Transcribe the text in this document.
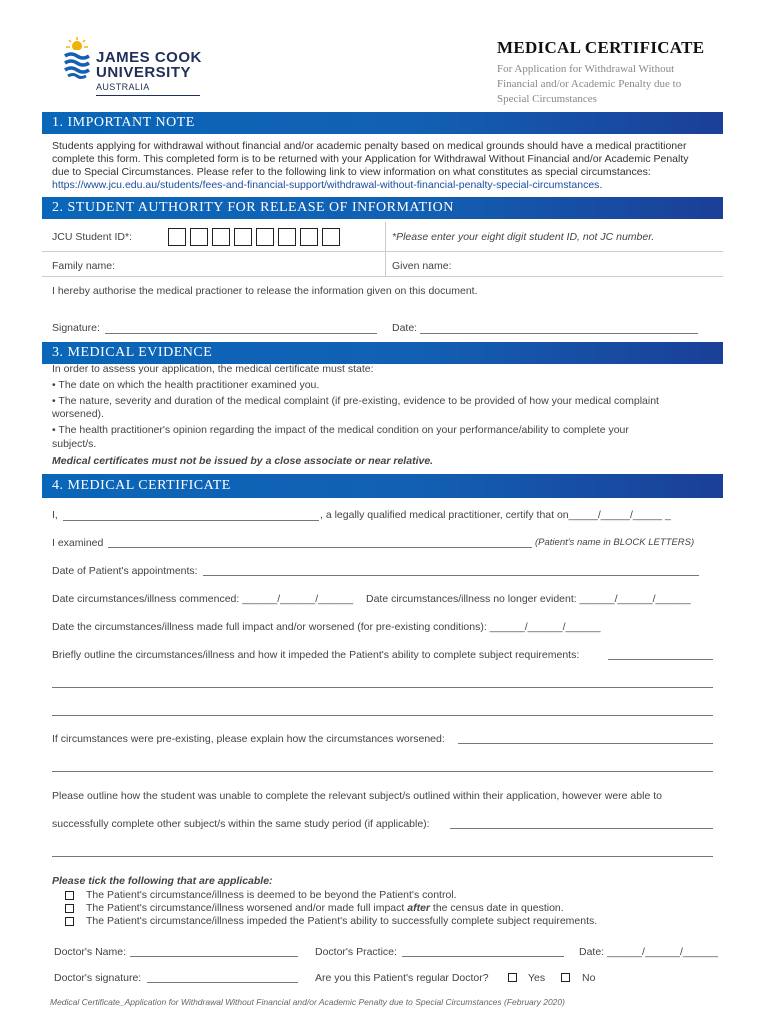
JAMES COOK
UNIVERSITY
AUSTRALIA
MEDICAL CERTIFICATE
For Application for Withdrawal Without
Financial and/or Academic Penalty due to
Special Circumstances
1. IMPORTANT NOTE
Students applying for withdrawal without financial and/or academic penalty based on medical grounds should have a medical practitioner
complete this form. This completed form is to be returned with your Application for Withdrawal Without Financial and/or Academic Penalty
due to Special Circumstances. Please refer to the following link to view information on what constitutes as special circumstances:
https://www.jcu.edu.au/students/fees-and-financial-support/withdrawal-without-financial-penalty-special-circumstances.
2. STUDENT AUTHORITY FOR RELEASE OF INFORMATION
JCU Student ID*:	*Please enter your eight digit student ID, not JC number.
Family name:	Given name:
I hereby authorise the medical practioner to release the information given on this document.
Signature:	Date:
3. MEDICAL EVIDENCE
In order to assess your application, the medical certificate must state:
• The date on which the health practitioner examined you.
• The nature, severity and duration of the medical complaint (if pre-existing, evidence to be provided of how your medical complaint
worsened).
• The health practitioner's opinion regarding the impact of the medical condition on your performance/ability to complete your
subject/s.
Medical certificates must not be issued by a close associate or near relative.
4. MEDICAL CERTIFICATE
I,	, a legally qualified medical practitioner, certify that on_____/_____/_____ _
I examined	(Patient's name in BLOCK LETTERS)
Date of Patient's appointments:
Date circumstances/illness commenced: ______/______/______ Date circumstances/illness no longer evident: ______/______/______
Date the circumstances/illness made full impact and/or worsened (for pre-existing conditions): ______/______/______
Briefly outline the circumstances/illness and how it impeded the Patient's ability to complete subject requirements:
If circumstances were pre-existing, please explain how the circumstances worsened:
Please outline how the student was unable to complete the relevant subject/s outlined within their application, however were able to
successfully complete other subject/s within the same study period (if applicable):
Please tick the following that are applicable:
The Patient's circumstance/illness is deemed to be beyond the Patient's control.
The Patient's circumstance/illness worsened and/or made full impact after the census date in question.
The Patient's circumstance/illness impeded the Patient's ability to successfully complete subject requirements.
Doctor's Name:	Doctor's Practice:	Date: ______/______/______
Doctor's signature:	Are you this Patient's regular Doctor?	Yes	No
Medical Certificate_Application for Withdrawal Without Financial and/or Academic Penalty due to Special Circumstances (February 2020)
